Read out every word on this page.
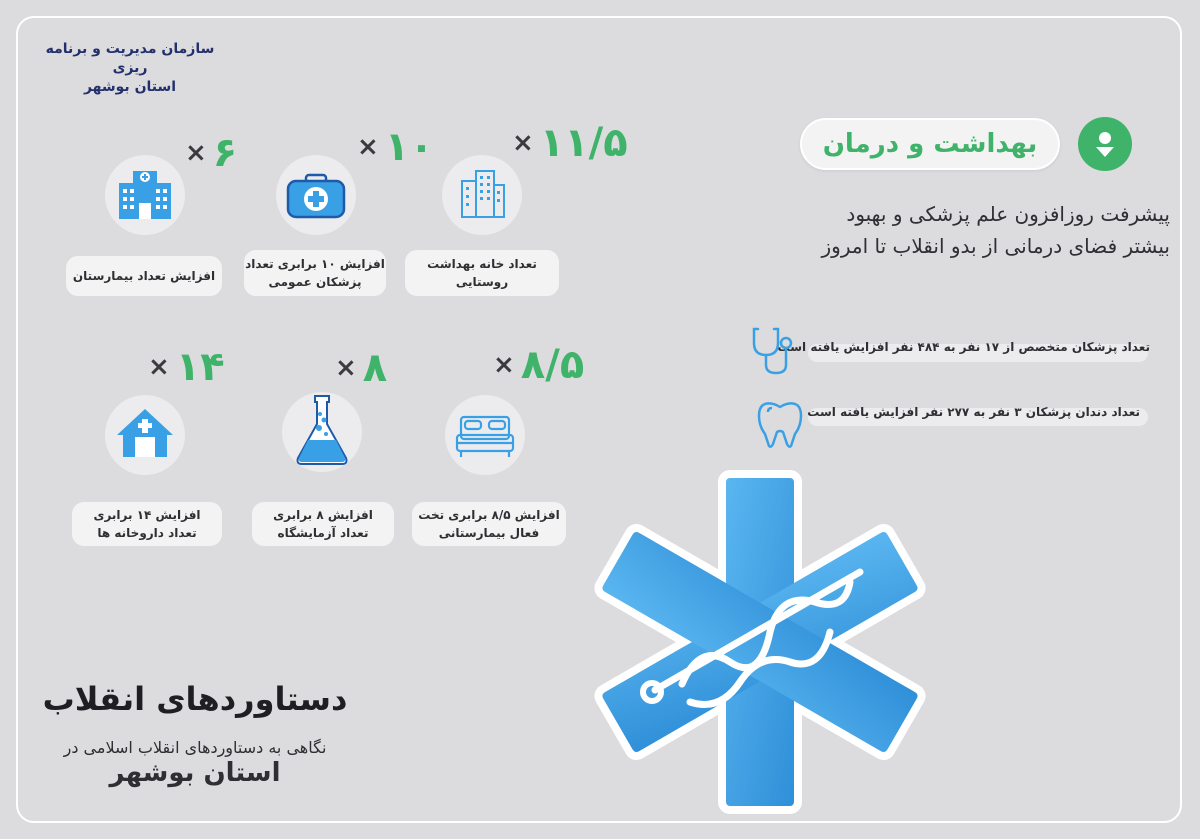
سازمان مدیریت و برنامه ریزی
استان بوشهر
بهداشت و درمان
پیشرفت روزافزون علم پزشکی و بهبود
بیشتر فضای درمانی از بدو انقلاب تا امروز
تعداد پزشکان متخصص از ۱۷ نفر به ۴۸۴ نفر افزایش یافته است
تعداد دندان پزشکان ۳ نفر به ۲۷۷ نفر افزایش یافته است
× ۱۱/۵
تعداد خانه بهداشت
روستایی
× ۱۰
افزایش ۱۰ برابری تعداد
پزشکان عمومی
× ۶
افزایش تعداد بیمارستان
× ۸/۵
افزایش ۸/۵ برابری تخت
فعال بیمارستانی
× ۸
افزایش ۸ برابری
تعداد آزمایشگاه
× ۱۴
افزایش ۱۴ برابری
تعداد داروخانه ها
دستاوردهای انقلاب
نگاهی به دستاوردهای انقلاب اسلامی در
استان بوشهر
